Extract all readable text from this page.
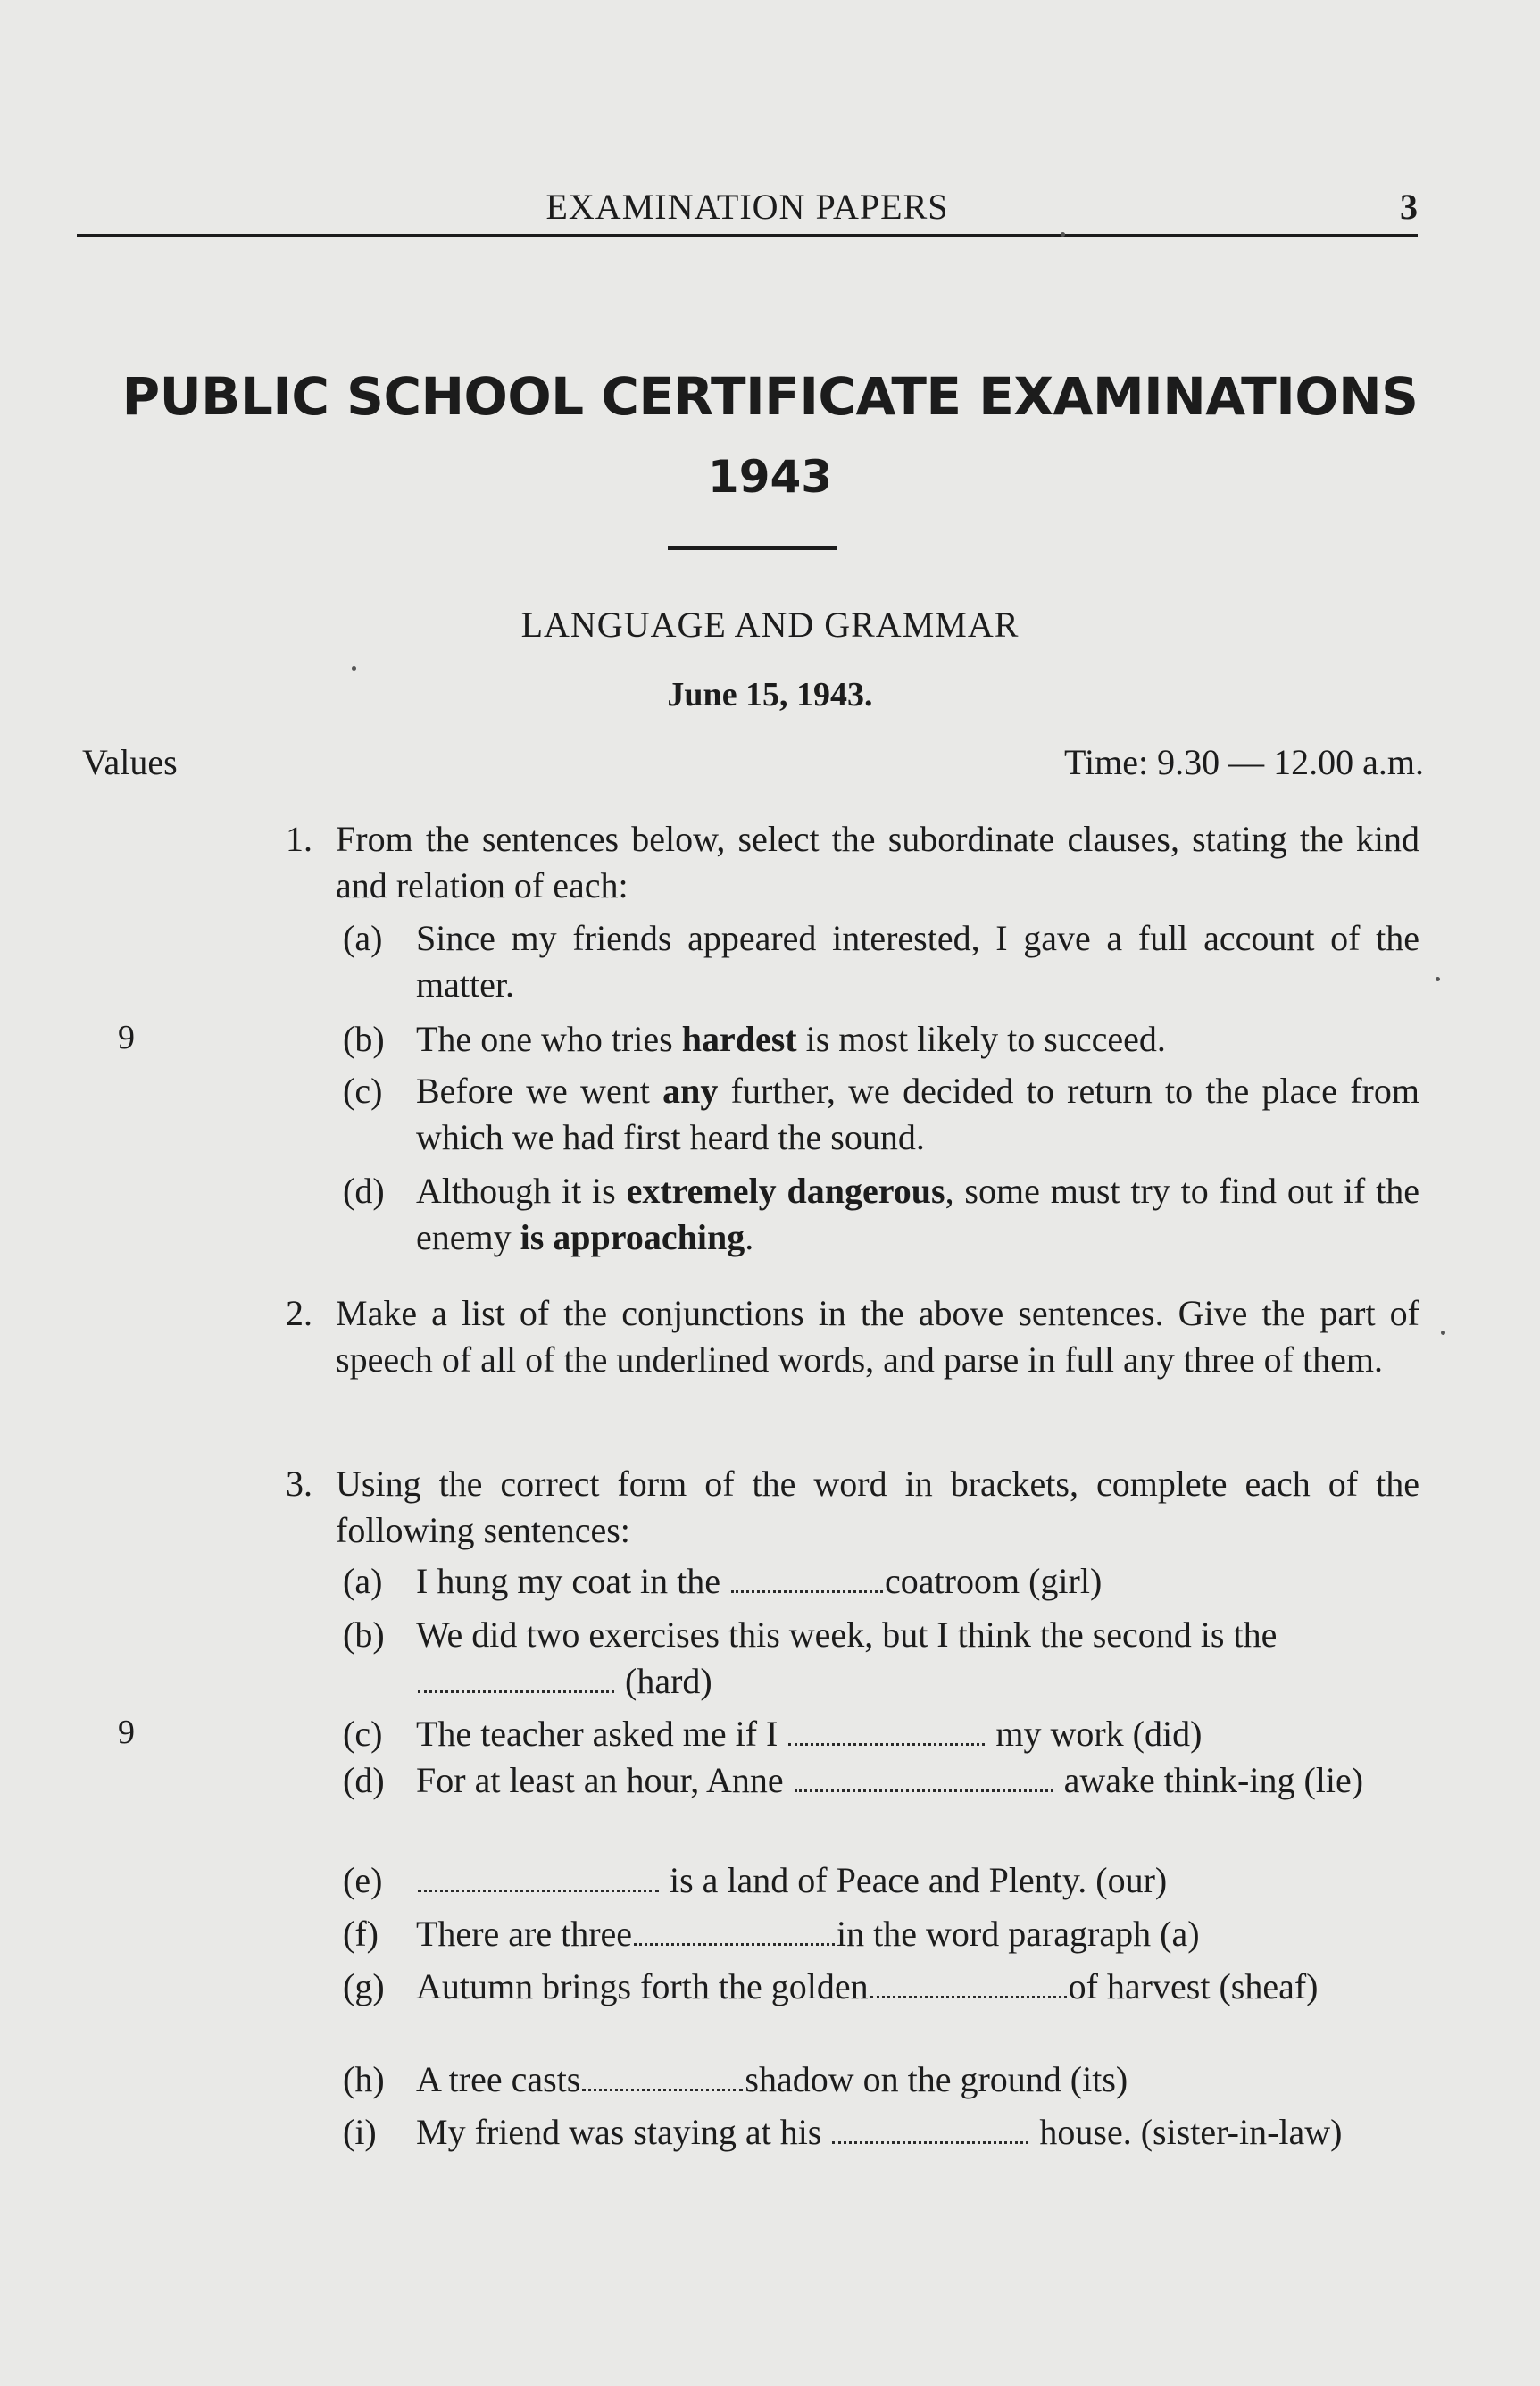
EXAMINATION PAPERS	3
PUBLIC SCHOOL CERTIFICATE EXAMINATIONS
1943
LANGUAGE AND GRAMMAR
June 15, 1943.
Values	Time: 9.30 — 12.00 a.m.
9
9
1. From the sentences below, select the subordinate clauses, stating the kind and relation of each:
(a) Since my friends appeared interested, I gave a full account of the matter.
(b) The one who tries hardest is most likely to succeed.
(c) Before we went any further, we decided to return to the place from which we had first heard the sound.
(d) Although it is extremely dangerous, some must try to find out if the enemy is approaching.
2. Make a list of the conjunctions in the above sentences. Give the part of speech of all of the underlined words, and parse in full any three of them.
3. Using the correct form of the word in brackets, complete each of the following sentences:
(a) I hung my coat in the	coatroom (girl)
(b) We did two exercises this week, but I think the second is the  (hard)
(c) The teacher asked me if I	my work (did)
(d) For at least an hour, Anne	awake think-ing (lie)
(e)	is a land of Peace and Plenty. (our)
(f) There are three	in the word paragraph (a)
(g) Autumn brings forth the golden	of harvest (sheaf)
(h) A tree casts	shadow on the ground (its)
(i) My friend was staying at his	house. (sister-in-law)
